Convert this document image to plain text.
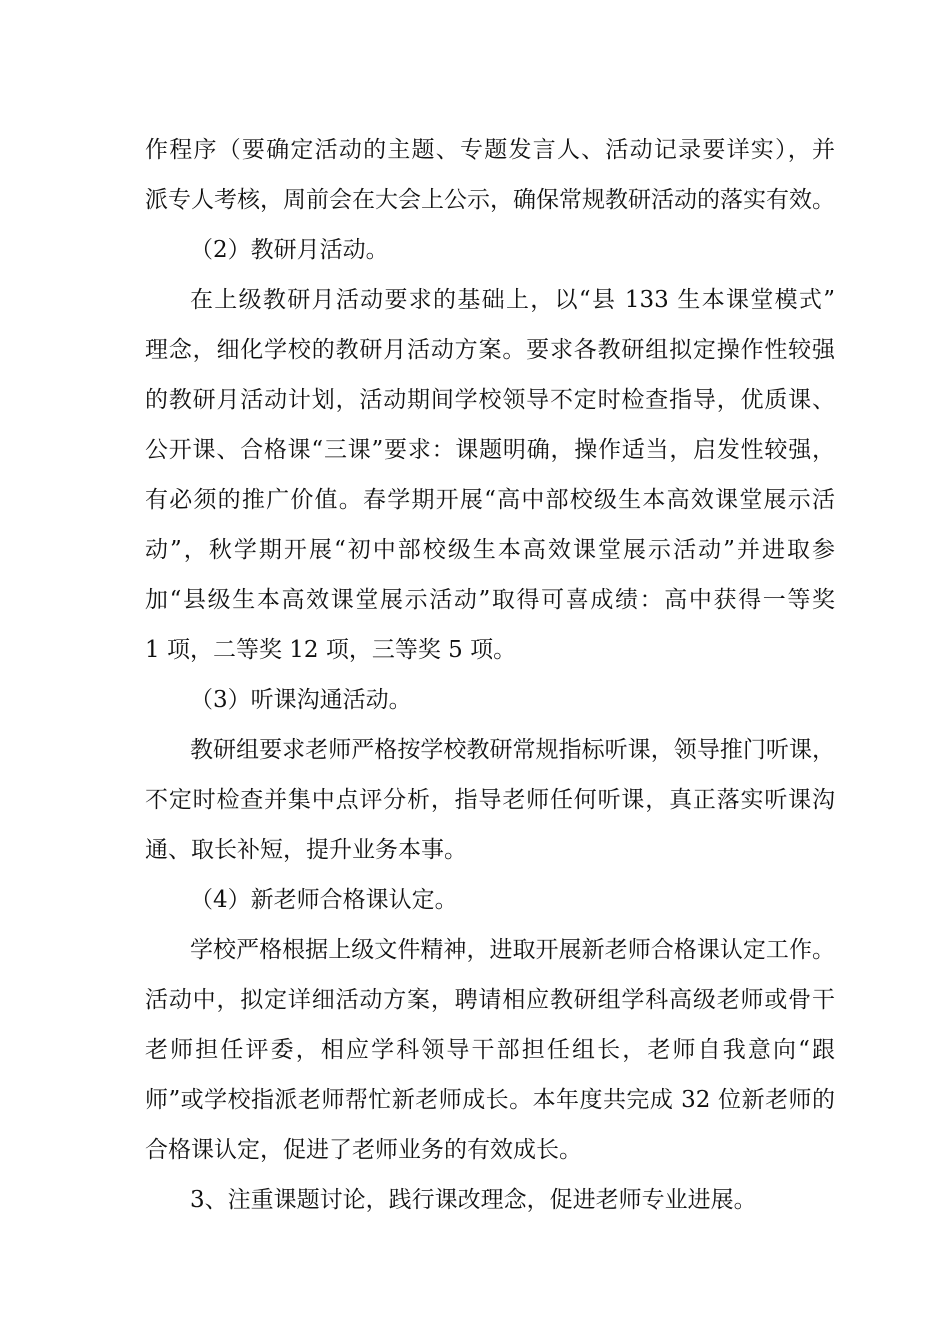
作程序（要确定活动的主题、专题发言人、活动记录要详实），并
派专人考核，周前会在大会上公示，确保常规教研活动的落实有效。
（2）教研月活动。
在上级教研月活动要求的基础上，以“县 133 生本课堂模式”
理念，细化学校的教研月活动方案。要求各教研组拟定操作性较强
的教研月活动计划，活动期间学校领导不定时检查指导，优质课、
公开课、合格课“三课”要求：课题明确，操作适当，启发性较强，
有必须的推广价值。春学期开展“高中部校级生本高效课堂展示活
动”，秋学期开展“初中部校级生本高效课堂展示活动”并进取参
加“县级生本高效课堂展示活动”取得可喜成绩：高中获得一等奖
1 项，二等奖 12 项，三等奖 5 项。
（3）听课沟通活动。
教研组要求老师严格按学校教研常规指标听课，领导推门听课，
不定时检查并集中点评分析，指导老师任何听课，真正落实听课沟
通、取长补短，提升业务本事。
（4）新老师合格课认定。
学校严格根据上级文件精神，进取开展新老师合格课认定工作。
活动中，拟定详细活动方案，聘请相应教研组学科高级老师或骨干
老师担任评委，相应学科领导干部担任组长，老师自我意向“跟
师”或学校指派老师帮忙新老师成长。本年度共完成 32 位新老师的
合格课认定，促进了老师业务的有效成长。
3、注重课题讨论，践行课改理念，促进老师专业进展。
